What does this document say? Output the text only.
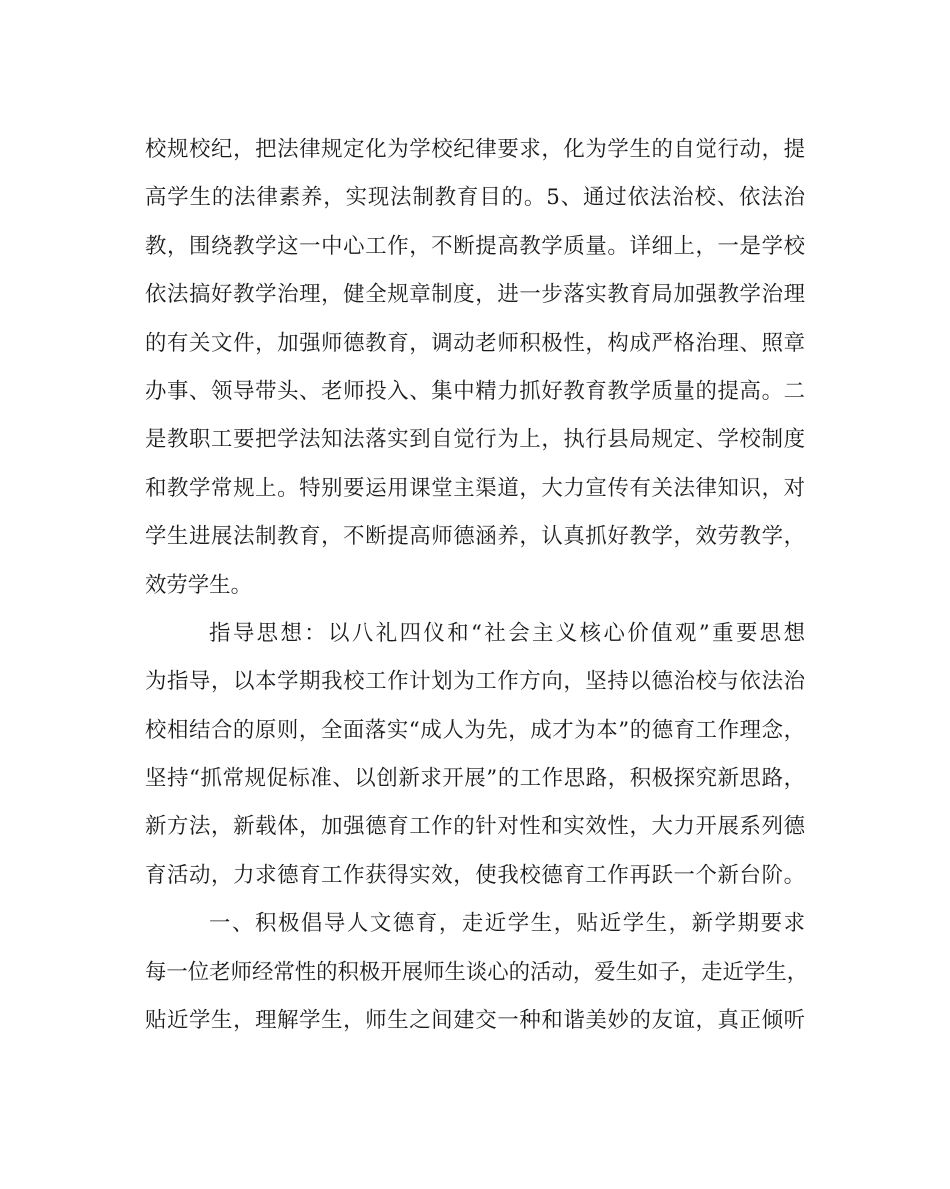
校规校纪，把法律规定化为学校纪律要求，化为学生的自觉行动，提
高学生的法律素养，实现法制教育目的。5、通过依法治校、依法治
教，围绕教学这一中心工作，不断提高教学质量。详细上，一是学校
依法搞好教学治理，健全规章制度，进一步落实教育局加强教学治理
的有关文件，加强师德教育，调动老师积极性，构成严格治理、照章
办事、领导带头、老师投入、集中精力抓好教育教学质量的提高。二
是教职工要把学法知法落实到自觉行为上，执行县局规定、学校制度
和教学常规上。特别要运用课堂主渠道，大力宣传有关法律知识，对
学生进展法制教育，不断提高师德涵养，认真抓好教学，效劳教学，
效劳学生。
指导思想：以八礼四仪和“社会主义核心价值观”重要思想
为指导，以本学期我校工作计划为工作方向，坚持以德治校与依法治
校相结合的原则，全面落实“成人为先，成才为本”的德育工作理念，
坚持“抓常规促标准、以创新求开展”的工作思路，积极探究新思路，
新方法，新载体，加强德育工作的针对性和实效性，大力开展系列德
育活动，力求德育工作获得实效，使我校德育工作再跃一个新台阶。
一、积极倡导人文德育，走近学生，贴近学生，新学期要求
每一位老师经常性的积极开展师生谈心的活动，爱生如子，走近学生，
贴近学生，理解学生，师生之间建交一种和谐美妙的友谊，真正倾听
